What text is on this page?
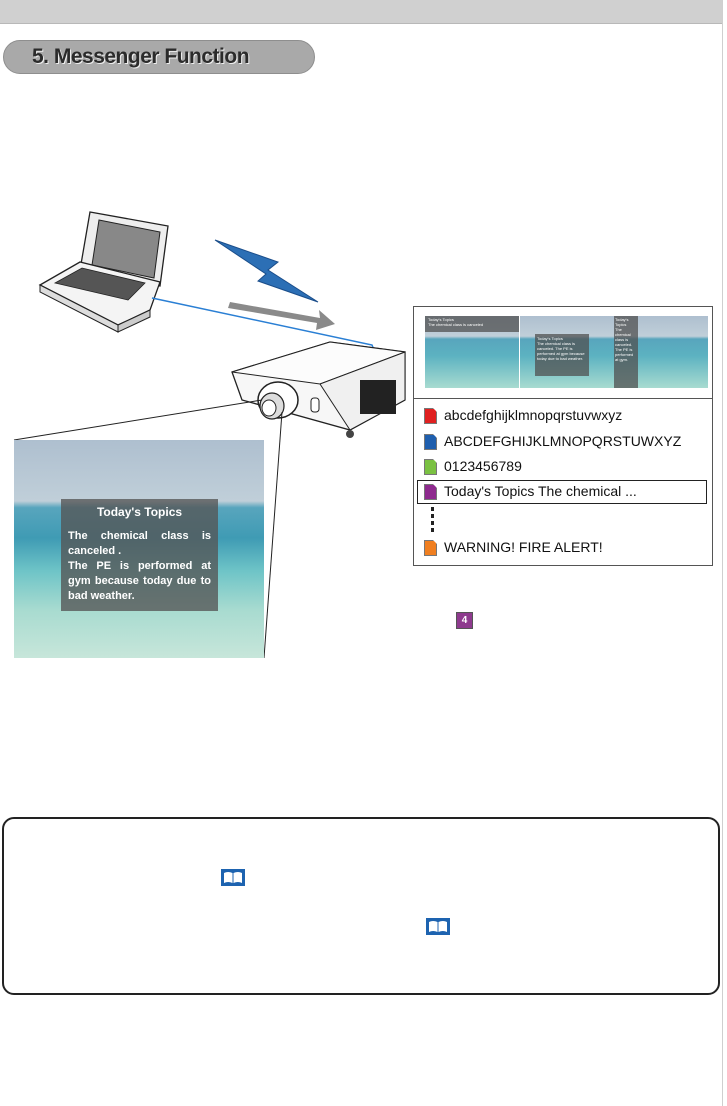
5. Messenger Function
Today's Topics
The chemical class is canceled .
The PE is performed at gym because today due to bad weather.
Today's Topics
The chemical class is canceled
Today's Topics
The chemical class is canceled. The PE is performed at gym because today due to bad weather.
Today's Topics
The chemical class is canceled. The PE is performed at gym.
abcdefghijklmnopqrstuvwxyz
ABCDEFGHIJKLMNOPQRSTUWXYZ
0123456789
Today's Topics The chemical ...
WARNING! FIRE ALERT!
4
